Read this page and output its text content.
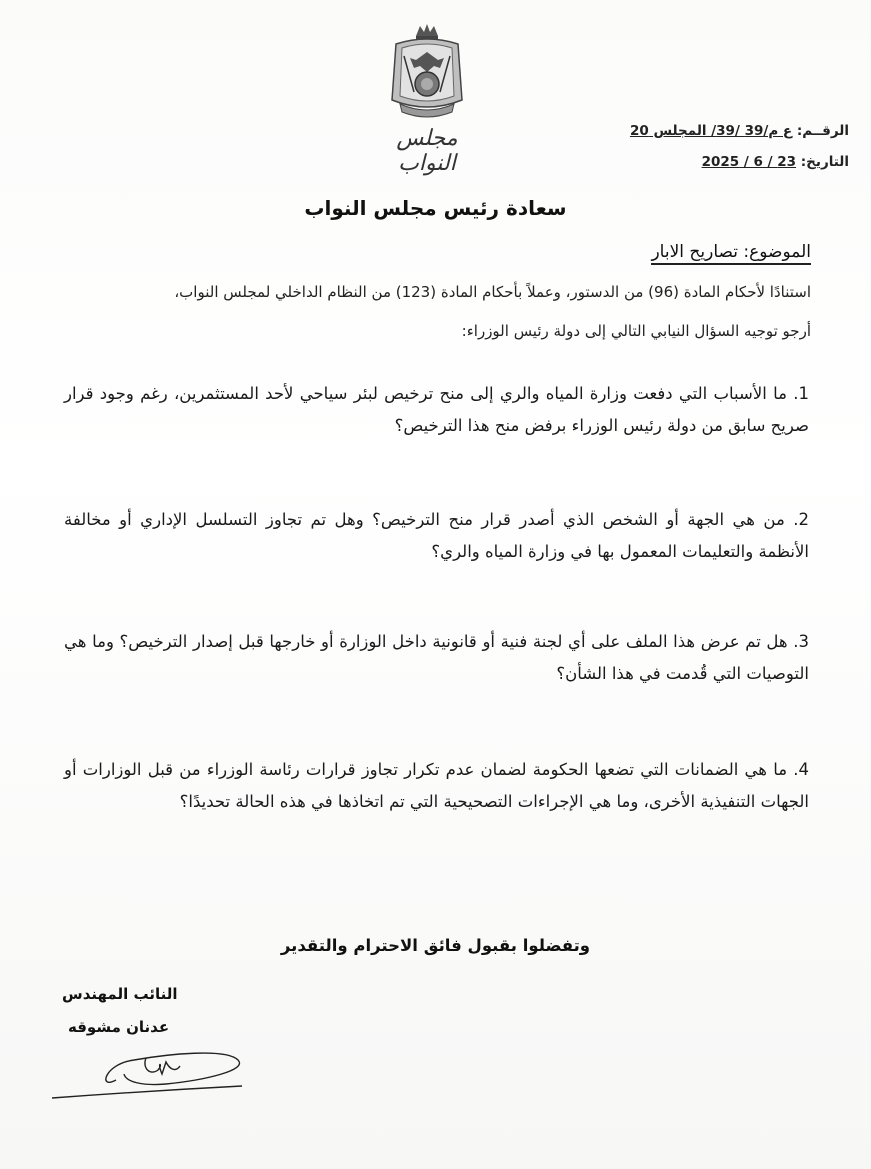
مجلس النواب
الرقــم: ع م/39 /39/ المجلس 20
التاريخ: 23 / 6 / 2025
سعادة رئيس مجلس النواب
الموضوع: تصاريح الابار
استنادًا لأحكام المادة (96) من الدستور، وعملاً بأحكام المادة (123) من النظام الداخلي لمجلس النواب،
أرجو توجيه السؤال النيابي التالي إلى دولة رئيس الوزراء:
1. ما الأسباب التي دفعت وزارة المياه والري إلى منح ترخيص لبئر سياحي لأحد المستثمرين، رغم وجود قرار صريح سابق من دولة رئيس الوزراء برفض منح هذا الترخيص؟
2. من هي الجهة أو الشخص الذي أصدر قرار منح الترخيص؟ وهل تم تجاوز التسلسل الإداري أو مخالفة الأنظمة والتعليمات المعمول بها في وزارة المياه والري؟
3. هل تم عرض هذا الملف على أي لجنة فنية أو قانونية داخل الوزارة أو خارجها قبل إصدار الترخيص؟ وما هي التوصيات التي قُدمت في هذا الشأن؟
4. ما هي الضمانات التي تضعها الحكومة لضمان عدم تكرار تجاوز قرارات رئاسة الوزراء من قبل الوزارات أو الجهات التنفيذية الأخرى، وما هي الإجراءات التصحيحية التي تم اتخاذها في هذه الحالة تحديدًا؟
وتفضلوا بقبول فائق الاحترام والتقدير
النائب المهندس
عدنان مشوقه
